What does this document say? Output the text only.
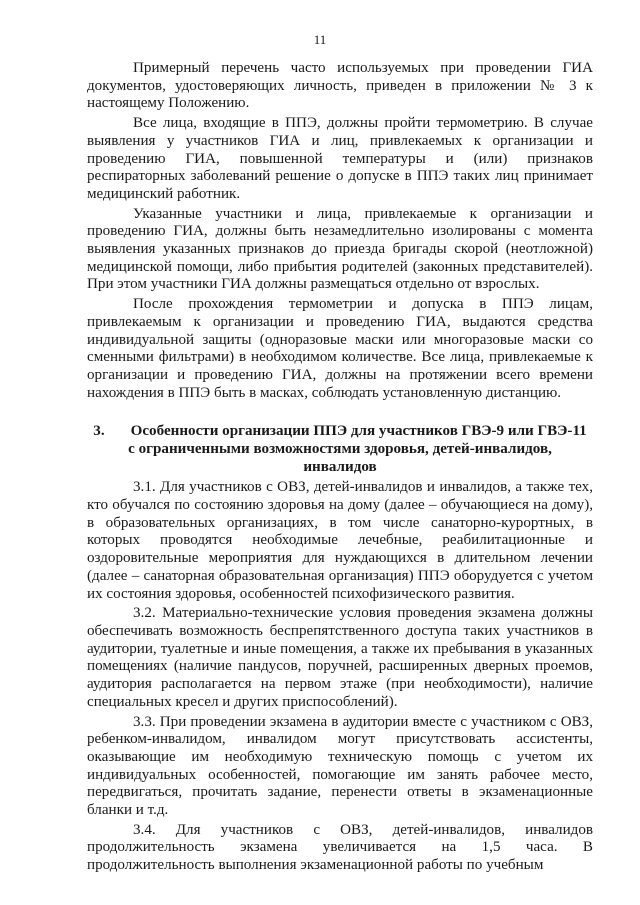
11

Примерный перечень часто используемых при проведении ГИА документов, удостоверяющих личность, приведен в приложении № 3 к настоящему Положению.

Все лица, входящие в ППЭ, должны пройти термометрию. В случае выявления у участников ГИА и лиц, привлекаемых к организации и проведению ГИА, повышенной температуры и (или) признаков респираторных заболеваний решение о допуске в ППЭ таких лиц принимает медицинский работник.

Указанные участники и лица, привлекаемые к организации и проведению ГИА, должны быть незамедлительно изолированы с момента выявления указанных признаков до приезда бригады скорой (неотложной) медицинской помощи, либо прибытия родителей (законных представителей). При этом участники ГИА должны размещаться отдельно от взрослых.

После прохождения термометрии и допуска в ППЭ лицам, привлекаемым к организации и проведению ГИА, выдаются средства индивидуальной защиты (одноразовые маски или многоразовые маски со сменными фильтрами) в необходимом количестве. Все лица, привлекаемые к организации и проведению ГИА, должны на протяжении всего времени нахождения в ППЭ быть в масках, соблюдать установленную дистанцию.

3. Особенности организации ППЭ для участников ГВЭ-9 или ГВЭ-11 с ограниченными возможностями здоровья, детей-инвалидов, инвалидов

3.1. Для участников с ОВЗ, детей-инвалидов и инвалидов, а также тех, кто обучался по состоянию здоровья на дому (далее – обучающиеся на дому), в образовательных организациях, в том числе санаторно-курортных, в которых проводятся необходимые лечебные, реабилитационные и оздоровительные мероприятия для нуждающихся в длительном лечении (далее – санаторная образовательная организация) ППЭ оборудуется с учетом их состояния здоровья, особенностей психофизического развития.

3.2. Материально-технические условия проведения экзамена должны обеспечивать возможность беспрепятственного доступа таких участников в аудитории, туалетные и иные помещения, а также их пребывания в указанных помещениях (наличие пандусов, поручней, расширенных дверных проемов, аудитория располагается на первом этаже (при необходимости), наличие специальных кресел и других приспособлений).

3.3. При проведении экзамена в аудитории вместе с участником с ОВЗ, ребенком-инвалидом, инвалидом могут присутствовать ассистенты, оказывающие им необходимую техническую помощь с учетом их индивидуальных особенностей, помогающие им занять рабочее место, передвигаться, прочитать задание, перенести ответы в экзаменационные бланки и т.д.

3.4. Для участников с ОВЗ, детей-инвалидов, инвалидов продолжительность экзамена увеличивается на 1,5 часа. В продолжительность выполнения экзаменационной работы по учебным
